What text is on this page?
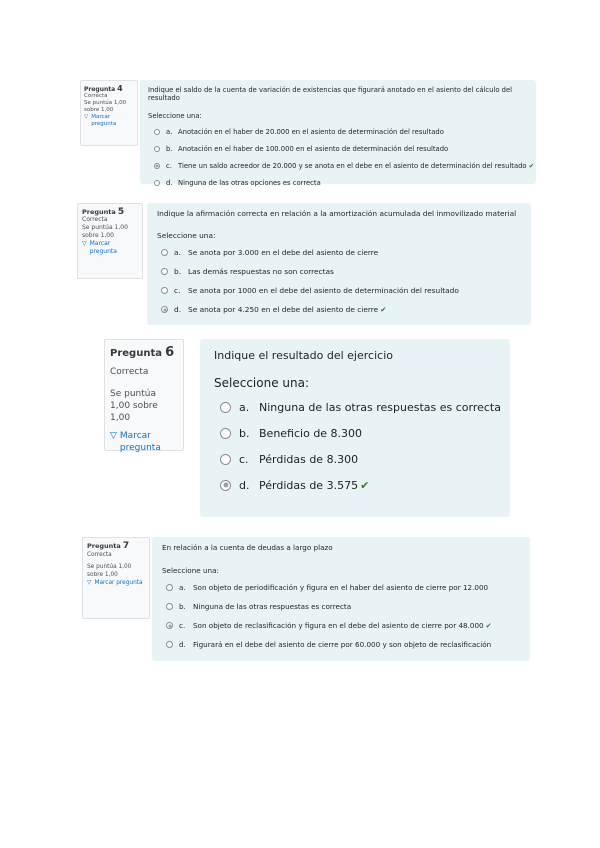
Pregunta 4
Correcta
Se puntúa 1,00 sobre 1,00
▽ Marcar pregunta
Indique el saldo de la cuenta de variación de existencias que figurará anotado en el asiento del cálculo del resultado
Seleccione una:
a. Anotación en el haber de 20.000 en el asiento de determinación del resultado
b. Anotación en el haber de 100.000 en el asiento de determinación del resultado
c. Tiene un saldo acreedor de 20.000 y se anota en el debe en el asiento de determinación del resultado ✔
d. Ninguna de las otras opciones es correcta
Pregunta 5
Correcta
Se puntúa 1,00 sobre 1,00
▽ Marcar pregunta
Indique la afirmación correcta en relación a la amortización acumulada del inmovilizado material
Seleccione una:
a. Se anota por 3.000 en el debe del asiento de cierre
b. Las demás respuestas no son correctas
c.	Se anota por 1000 en el debe del asiento de determinación del resultado
d. Se anota por 4.250 en el debe del asiento de cierre ✔
Pregunta 6
Correcta
Se puntúa 1,00 sobre 1,00
▽ Marcar pregunta
Indique el resultado del ejercicio
Seleccione una:
a. Ninguna de las otras respuestas es correcta
b. Beneficio de 8.300
c. Pérdidas de 8.300
d. Pérdidas de 3.575 ✔
Pregunta 7
Correcta
Se puntúa 1,00 sobre 1,00
▽ Marcar pregunta
En relación a la cuenta de deudas a largo plazo
Seleccione una:
a.	Son objeto de periodificación y figura en el haber del asiento de cierre por 12.000
b. Ninguna de las otras respuestas es correcta
c.	Son objeto de reclasificación y figura en el debe del asiento de cierre por 48.000 ✔
d. Figurará en el debe del asiento de cierre por 60.000 y son objeto de reclasificación
